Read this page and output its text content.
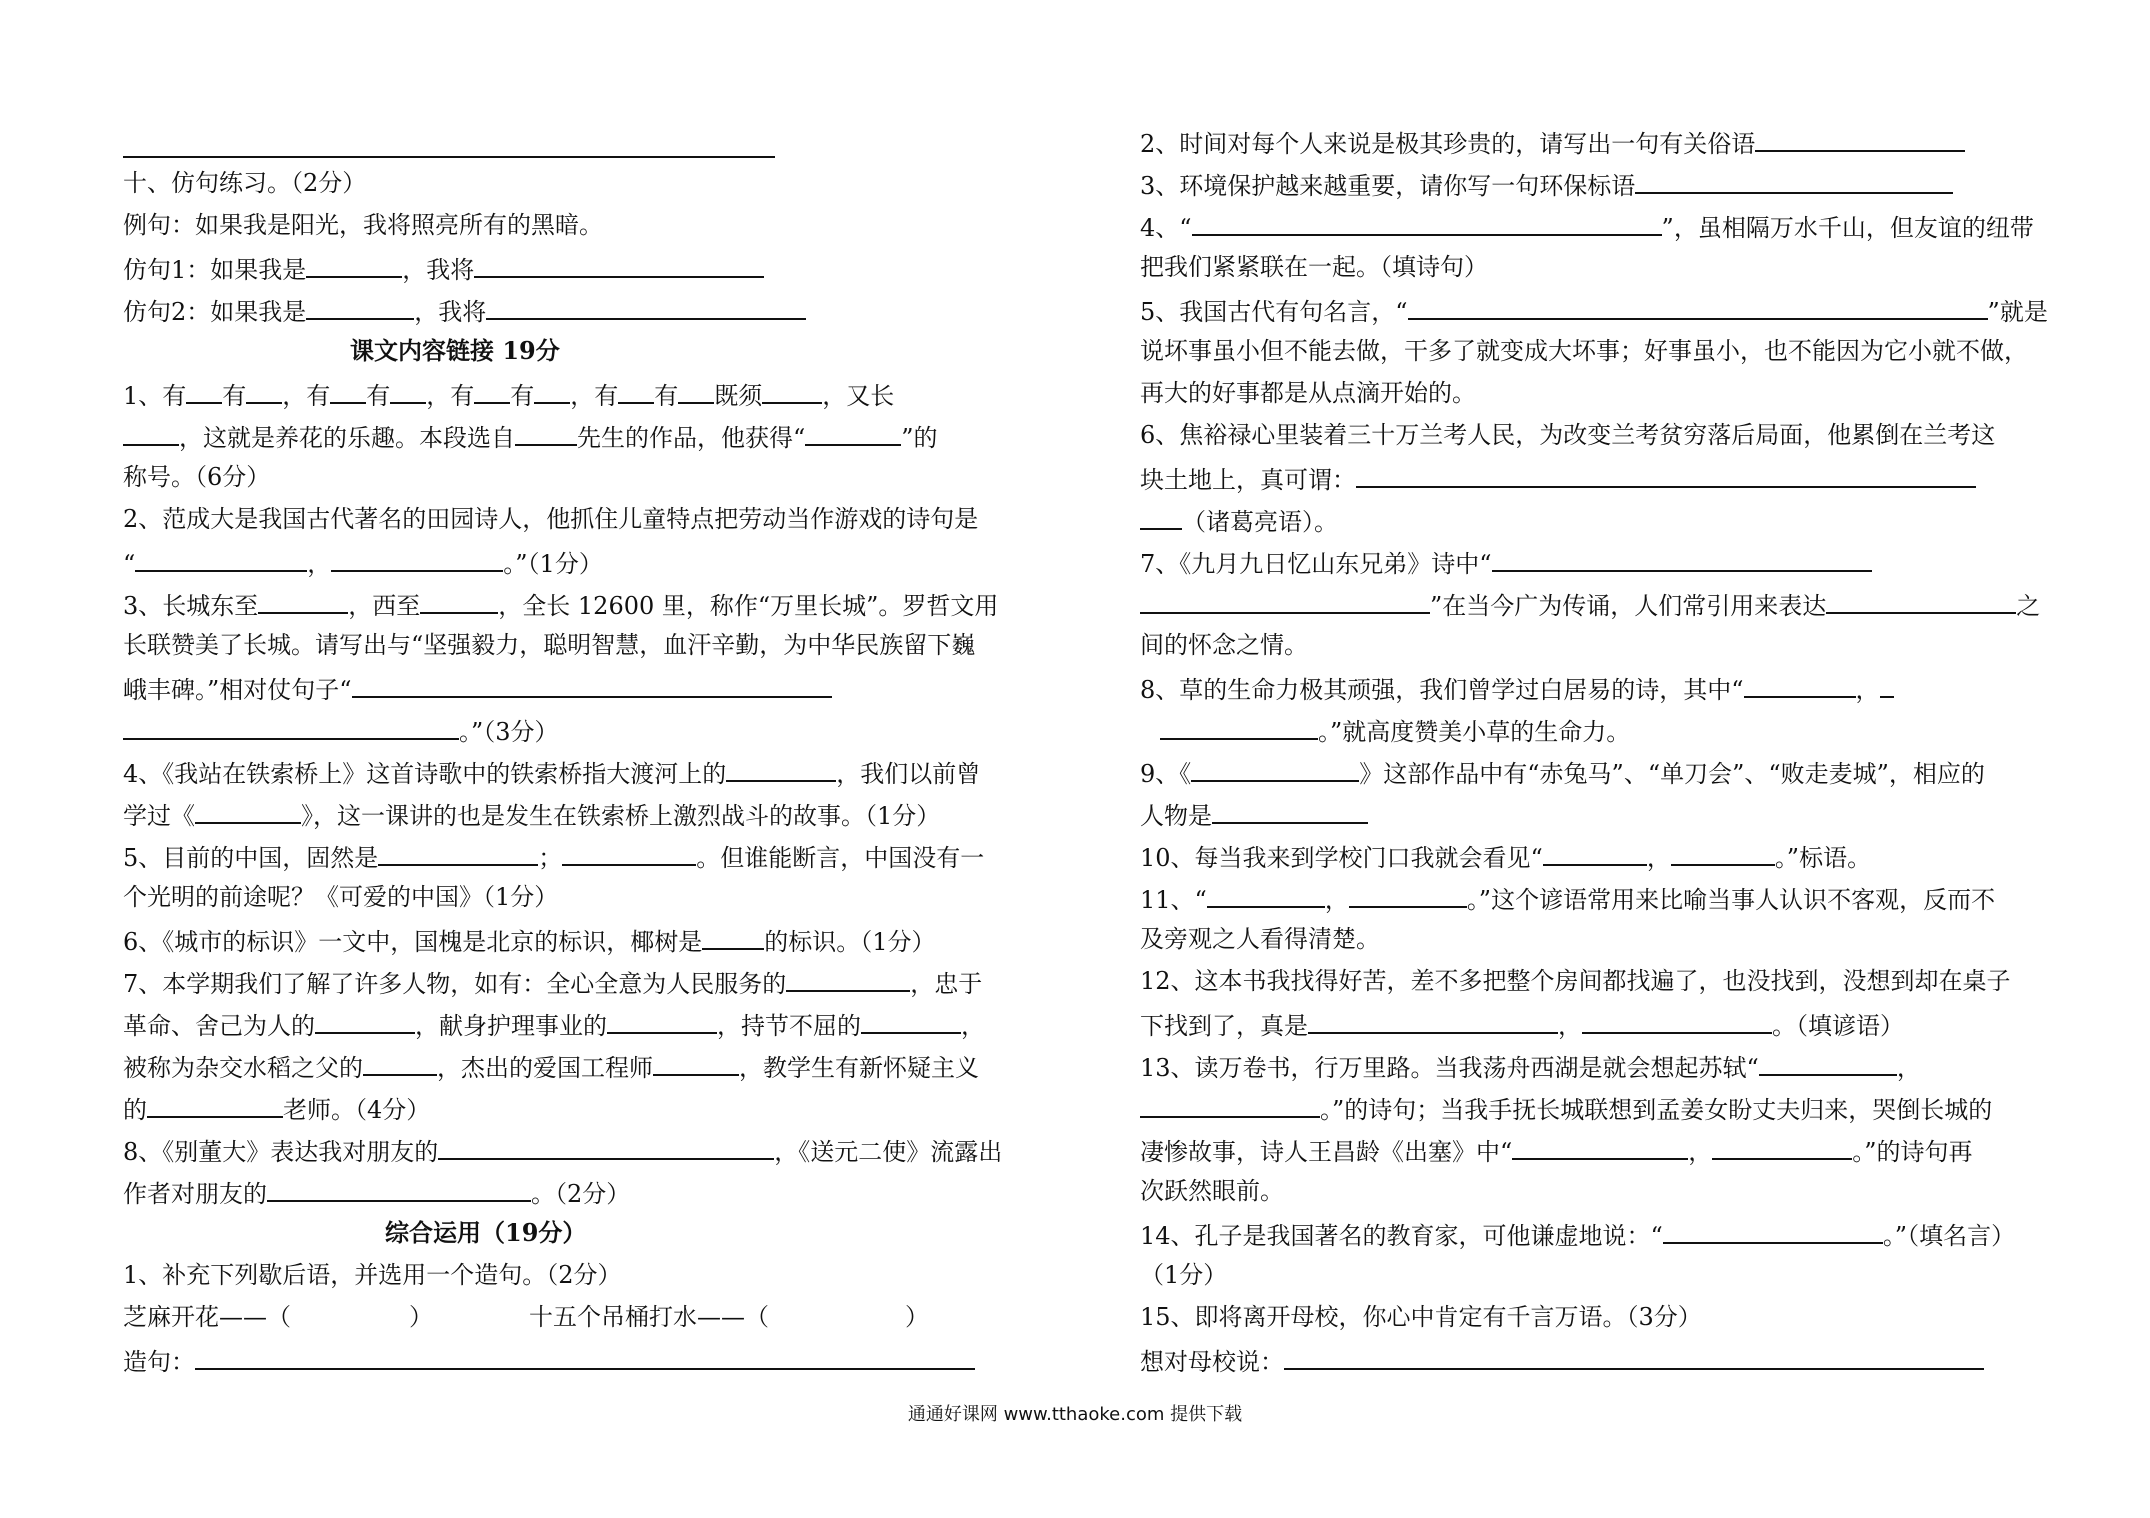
十、仿句练习。（2分）
例句：如果我是阳光，我将照亮所有的黑暗。
仿句1：如果我是	，我将
仿句2：如果我是	，我将
课文内容链接 19分
1、有 有 ，有 有 ，有 有 ，有 有 既须	，又长
，这就是养花的乐趣。本段选自	先生的作品，他获得“	”的
称号。（6分）
2、范成大是我国古代著名的田园诗人，他抓住儿童特点把劳动当作游戏的诗句是
“	，	。”（1分）
3、长城东至	，西至	，全长 12600 里，称作“万里长城”。罗哲文用
长联赞美了长城。请写出与“坚强毅力，聪明智慧，血汗辛勤，为中华民族留下巍
峨丰碑。”相对仗句子“
。”（3分）
4、《我站在铁索桥上》这首诗歌中的铁索桥指大渡河上的	，我们以前曾
学过《	》，这一课讲的也是发生在铁索桥上激烈战斗的故事。（1分）
5、目前的中国，固然是	；	。但谁能断言，中国没有一
个光明的前途呢？《可爱的中国》（1分）
6、《城市的标识》一文中，国槐是北京的标识，椰树是	的标识。（1分）
7、本学期我们了解了许多人物，如有：全心全意为人民服务的	，忠于
革命、舍己为人的	，献身护理事业的	，持节不屈的	，
被称为杂交水稻之父的	，杰出的爱国工程师	，教学生有新怀疑主义
的	老师。（4分）
8、《别董大》表达我对朋友的	，《送元二使》流露出
作者对朋友的	。（2分）
综合运用（19分）
1、补充下列歇后语，并选用一个造句。（2分）
芝麻开花——（	）	十五个吊桶打水——（	）
造句：
2、时间对每个人来说是极其珍贵的，请写出一句有关俗语
3、环境保护越来越重要，请你写一句环保标语
4、“	”，虽相隔万水千山，但友谊的纽带
把我们紧紧联在一起。（填诗句）
5、我国古代有句名言，“	”就是
说坏事虽小但不能去做，干多了就变成大坏事；好事虽小，也不能因为它小就不做，
再大的好事都是从点滴开始的。
6、焦裕禄心里装着三十万兰考人民，为改变兰考贫穷落后局面，他累倒在兰考这
块土地上，真可谓：
（诸葛亮语）。
7、《九月九日忆山东兄弟》诗中“
”在当今广为传诵，人们常引用来表达	之
间的怀念之情。
8、草的生命力极其顽强，我们曾学过白居易的诗，其中“	，
。”就高度赞美小草的生命力。
9、《	》这部作品中有“赤兔马”、“单刀会”、“败走麦城”，相应的
人物是
10、每当我来到学校门口我就会看见“	，	。”标语。
11、“	，	。”这个谚语常用来比喻当事人认识不客观，反而不
及旁观之人看得清楚。
12、这本书我找得好苦，差不多把整个房间都找遍了，也没找到，没想到却在桌子
下找到了，真是	，	。（填谚语）
13、读万卷书，行万里路。当我荡舟西湖是就会想起苏轼“	，
。”的诗句；当我手抚长城联想到孟姜女盼丈夫归来，哭倒长城的
凄惨故事，诗人王昌龄《出塞》中“	，	。”的诗句再
次跃然眼前。
14、孔子是我国著名的教育家，可他谦虚地说：“	。”（填名言）
（1分）
15、即将离开母校，你心中肯定有千言万语。（3分）
想对母校说：
通通好课网 www.tthaoke.com 提供下载
